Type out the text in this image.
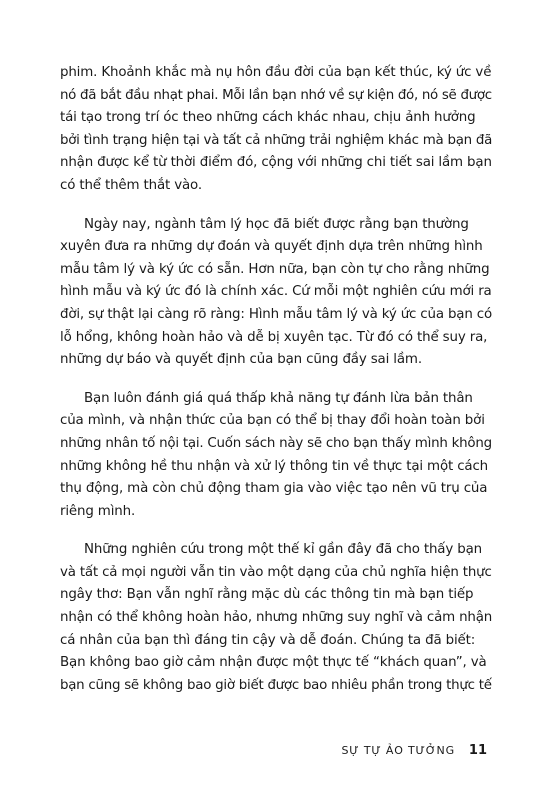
phim. Khoảnh khắc mà nụ hôn đầu đời của bạn kết thúc, ký ức về
nó đã bắt đầu nhạt phai. Mỗi lần bạn nhớ về sự kiện đó, nó sẽ được
tái tạo trong trí óc theo những cách khác nhau, chịu ảnh hưởng
bởi tình trạng hiện tại và tất cả những trải nghiệm khác mà bạn đã
nhận được kể từ thời điểm đó, cộng với những chi tiết sai lầm bạn
có thể thêm thắt vào.

Ngày nay, ngành tâm lý học đã biết được rằng bạn thường
xuyên đưa ra những dự đoán và quyết định dựa trên những hình
mẫu tâm lý và ký ức có sẵn. Hơn nữa, bạn còn tự cho rằng những
hình mẫu và ký ức đó là chính xác. Cứ mỗi một nghiên cứu mới ra
đời, sự thật lại càng rõ ràng: Hình mẫu tâm lý và ký ức của bạn có
lỗ hổng, không hoàn hảo và dễ bị xuyên tạc. Từ đó có thể suy ra,
những dự báo và quyết định của bạn cũng đầy sai lầm.

Bạn luôn đánh giá quá thấp khả năng tự đánh lừa bản thân
của mình, và nhận thức của bạn có thể bị thay đổi hoàn toàn bởi
những nhân tố nội tại. Cuốn sách này sẽ cho bạn thấy mình không
những không hề thu nhận và xử lý thông tin về thực tại một cách
thụ động, mà còn chủ động tham gia vào việc tạo nên vũ trụ của
riêng mình.

Những nghiên cứu trong một thế kỉ gần đây đã cho thấy bạn
và tất cả mọi người vẫn tin vào một dạng của chủ nghĩa hiện thực
ngây thơ: Bạn vẫn nghĩ rằng mặc dù các thông tin mà bạn tiếp
nhận có thể không hoàn hảo, nhưng những suy nghĩ và cảm nhận
cá nhân của bạn thì đáng tin cậy và dễ đoán. Chúng ta đã biết:
Bạn không bao giờ cảm nhận được một thực tế “khách quan”, và
bạn cũng sẽ không bao giờ biết được bao nhiêu phần trong thực tế

SỰ TỰ ẢO TƯỞNG 11
